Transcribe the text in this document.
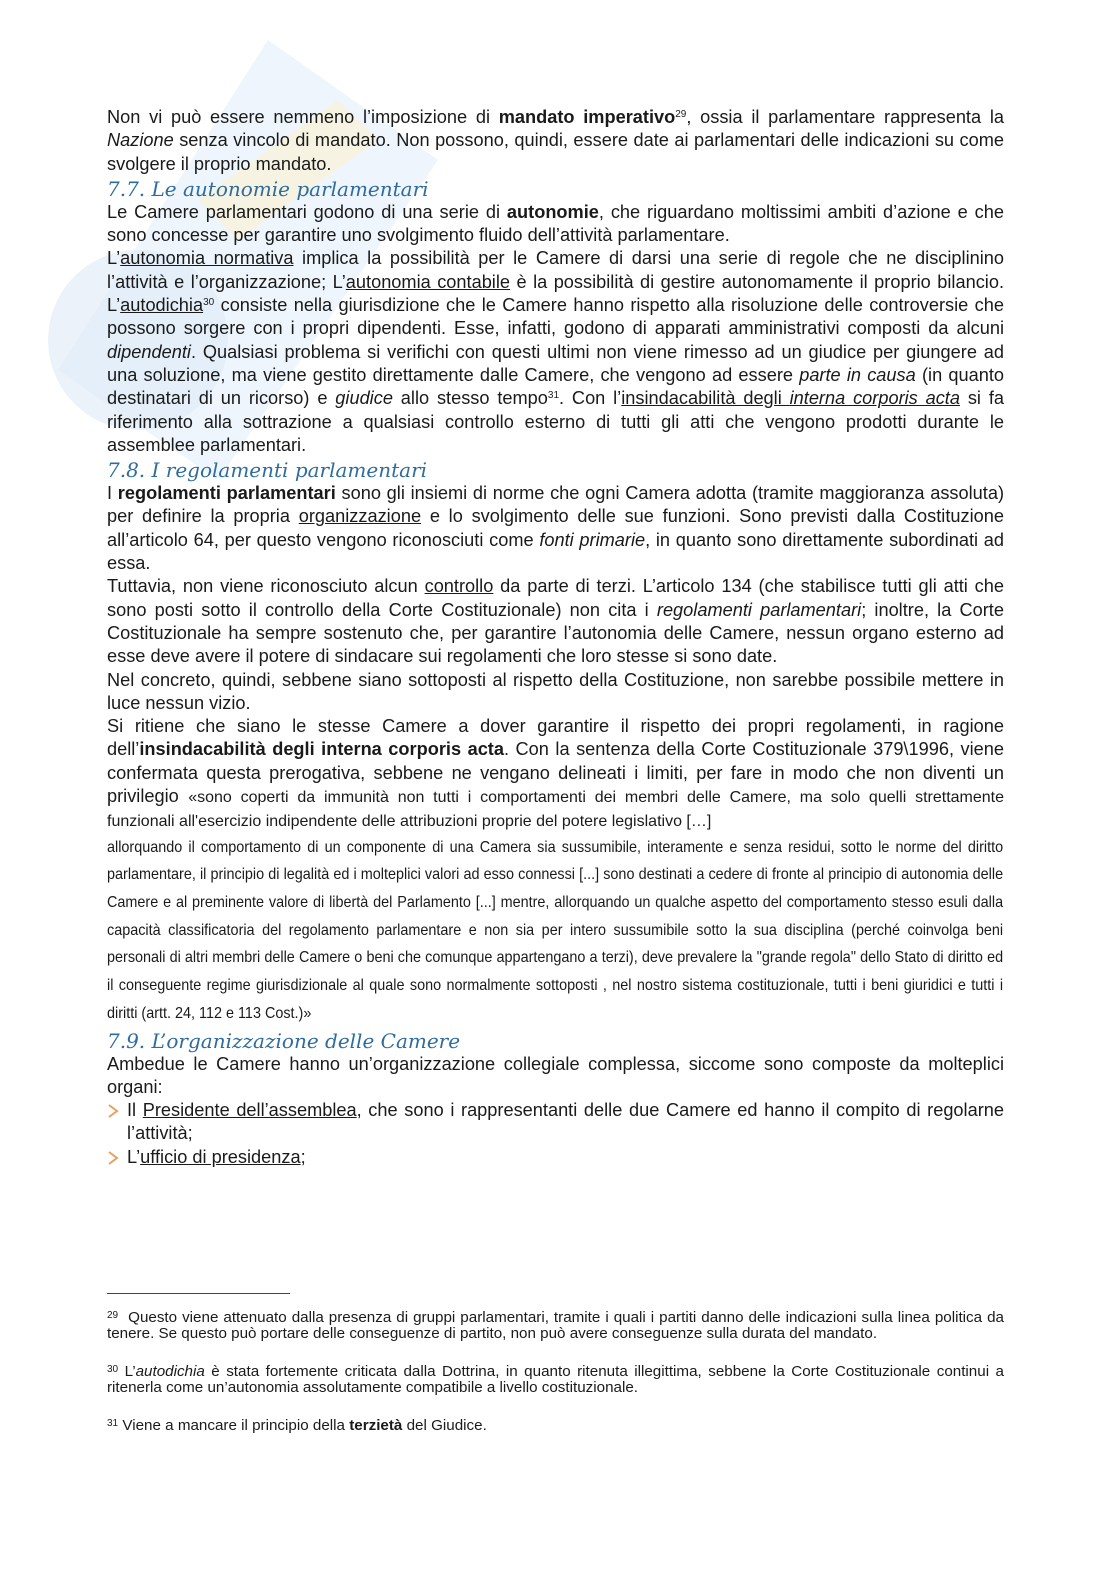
Non vi può essere nemmeno l’imposizione di mandato imperativo$^{29}$, ossia il parlamentare rappresenta la Nazione senza vincolo di mandato. Non possono, quindi, essere date ai parlamentari delle indicazioni su come svolgere il proprio mandato.

7.7. Le autonomie parlamentari

Le Camere parlamentari godono di una serie di autonomie, che riguardano moltissimi ambiti d’azione e che sono concesse per garantire uno svolgimento fluido dell’attività parlamentare.

L’autonomia normativa implica la possibilità per le Camere di darsi una serie di regole che ne disciplinino l’attività e l’organizzazione; L’autonomia contabile è la possibilità di gestire autonomamente il proprio bilancio. L’autodichia$^{30}$ consiste nella giurisdizione che le Camere hanno rispetto alla risoluzione delle controversie che possono sorgere con i propri dipendenti. Esse, infatti, godono di apparati amministrativi composti da alcuni dipendenti. Qualsiasi problema si verifichi con questi ultimi non viene rimesso ad un giudice per giungere ad una soluzione, ma viene gestito direttamente dalle Camere, che vengono ad essere parte in causa (in quanto destinatari di un ricorso) e giudice allo stesso tempo$^{31}$. Con l’insindacabilità degli interna corporis acta si fa riferimento alla sottrazione a qualsiasi controllo esterno di tutti gli atti che vengono prodotti durante le assemblee parlamentari.

7.8. I regolamenti parlamentari

I regolamenti parlamentari sono gli insiemi di norme che ogni Camera adotta (tramite maggioranza assoluta) per definire la propria organizzazione e lo svolgimento delle sue funzioni. Sono previsti dalla Costituzione all’articolo 64, per questo vengono riconosciuti come fonti primarie, in quanto sono direttamente subordinati ad essa.

Tuttavia, non viene riconosciuto alcun controllo da parte di terzi. L’articolo 134 (che stabilisce tutti gli atti che sono posti sotto il controllo della Corte Costituzionale) non cita i regolamenti parlamentari; inoltre, la Corte Costituzionale ha sempre sostenuto che, per garantire l’autonomia delle Camere, nessun organo esterno ad esse deve avere il potere di sindacare sui regolamenti che loro stesse si sono date.

Nel concreto, quindi, sebbene siano sottoposti al rispetto della Costituzione, non sarebbe possibile mettere in luce nessun vizio.

Si ritiene che siano le stesse Camere a dover garantire il rispetto dei propri regolamenti, in ragione dell’insindacabilità degli interna corporis acta. Con la sentenza della Corte Costituzionale 379\1996, viene confermata questa prerogativa, sebbene ne vengano delineati i limiti, per fare in modo che non diventi un privilegio «sono coperti da immunità non tutti i comportamenti dei membri delle Camere, ma solo quelli strettamente funzionali all'esercizio indipendente delle attribuzioni proprie del potere legislativo […]

allorquando il comportamento di un componente di una Camera sia sussumibile, interamente e senza residui, sotto le norme del diritto parlamentare, il principio di legalità ed i molteplici valori ad esso connessi [...] sono destinati a cedere di fronte al principio di autonomia delle Camere e al preminente valore di libertà del Parlamento [...] mentre, allorquando un qualche aspetto del comportamento stesso esuli dalla capacità classificatoria del regolamento parlamentare e non sia per intero sussumibile sotto la sua disciplina (perché coinvolga beni personali di altri membri delle Camere o beni che comunque appartengano a terzi), deve prevalere la "grande regola" dello Stato di diritto ed il conseguente regime giurisdizionale al quale sono normalmente sottoposti , nel nostro sistema costituzionale, tutti i beni giuridici e tutti i diritti (artt. 24, 112 e 113 Cost.)»

7.9. L’organizzazione delle Camere

Ambedue le Camere hanno un’organizzazione collegiale complessa, siccome sono composte da molteplici organi:

Il Presidente dell’assemblea, che sono i rappresentanti delle due Camere ed hanno il compito di regolarne l’attività;
L’ufficio di presidenza;

$^{29}$ Questo viene attenuato dalla presenza di gruppi parlamentari, tramite i quali i partiti danno delle indicazioni sulla linea politica da tenere. Se questo può portare delle conseguenze di partito, non può avere conseguenze sulla durata del mandato.

$^{30}$ L’autodichia è stata fortemente criticata dalla Dottrina, in quanto ritenuta illegittima, sebbene la Corte Costituzionale continui a ritenerla come un’autonomia assolutamente compatibile a livello costituzionale.

$^{31}$ Viene a mancare il principio della terzietà del Giudice.
